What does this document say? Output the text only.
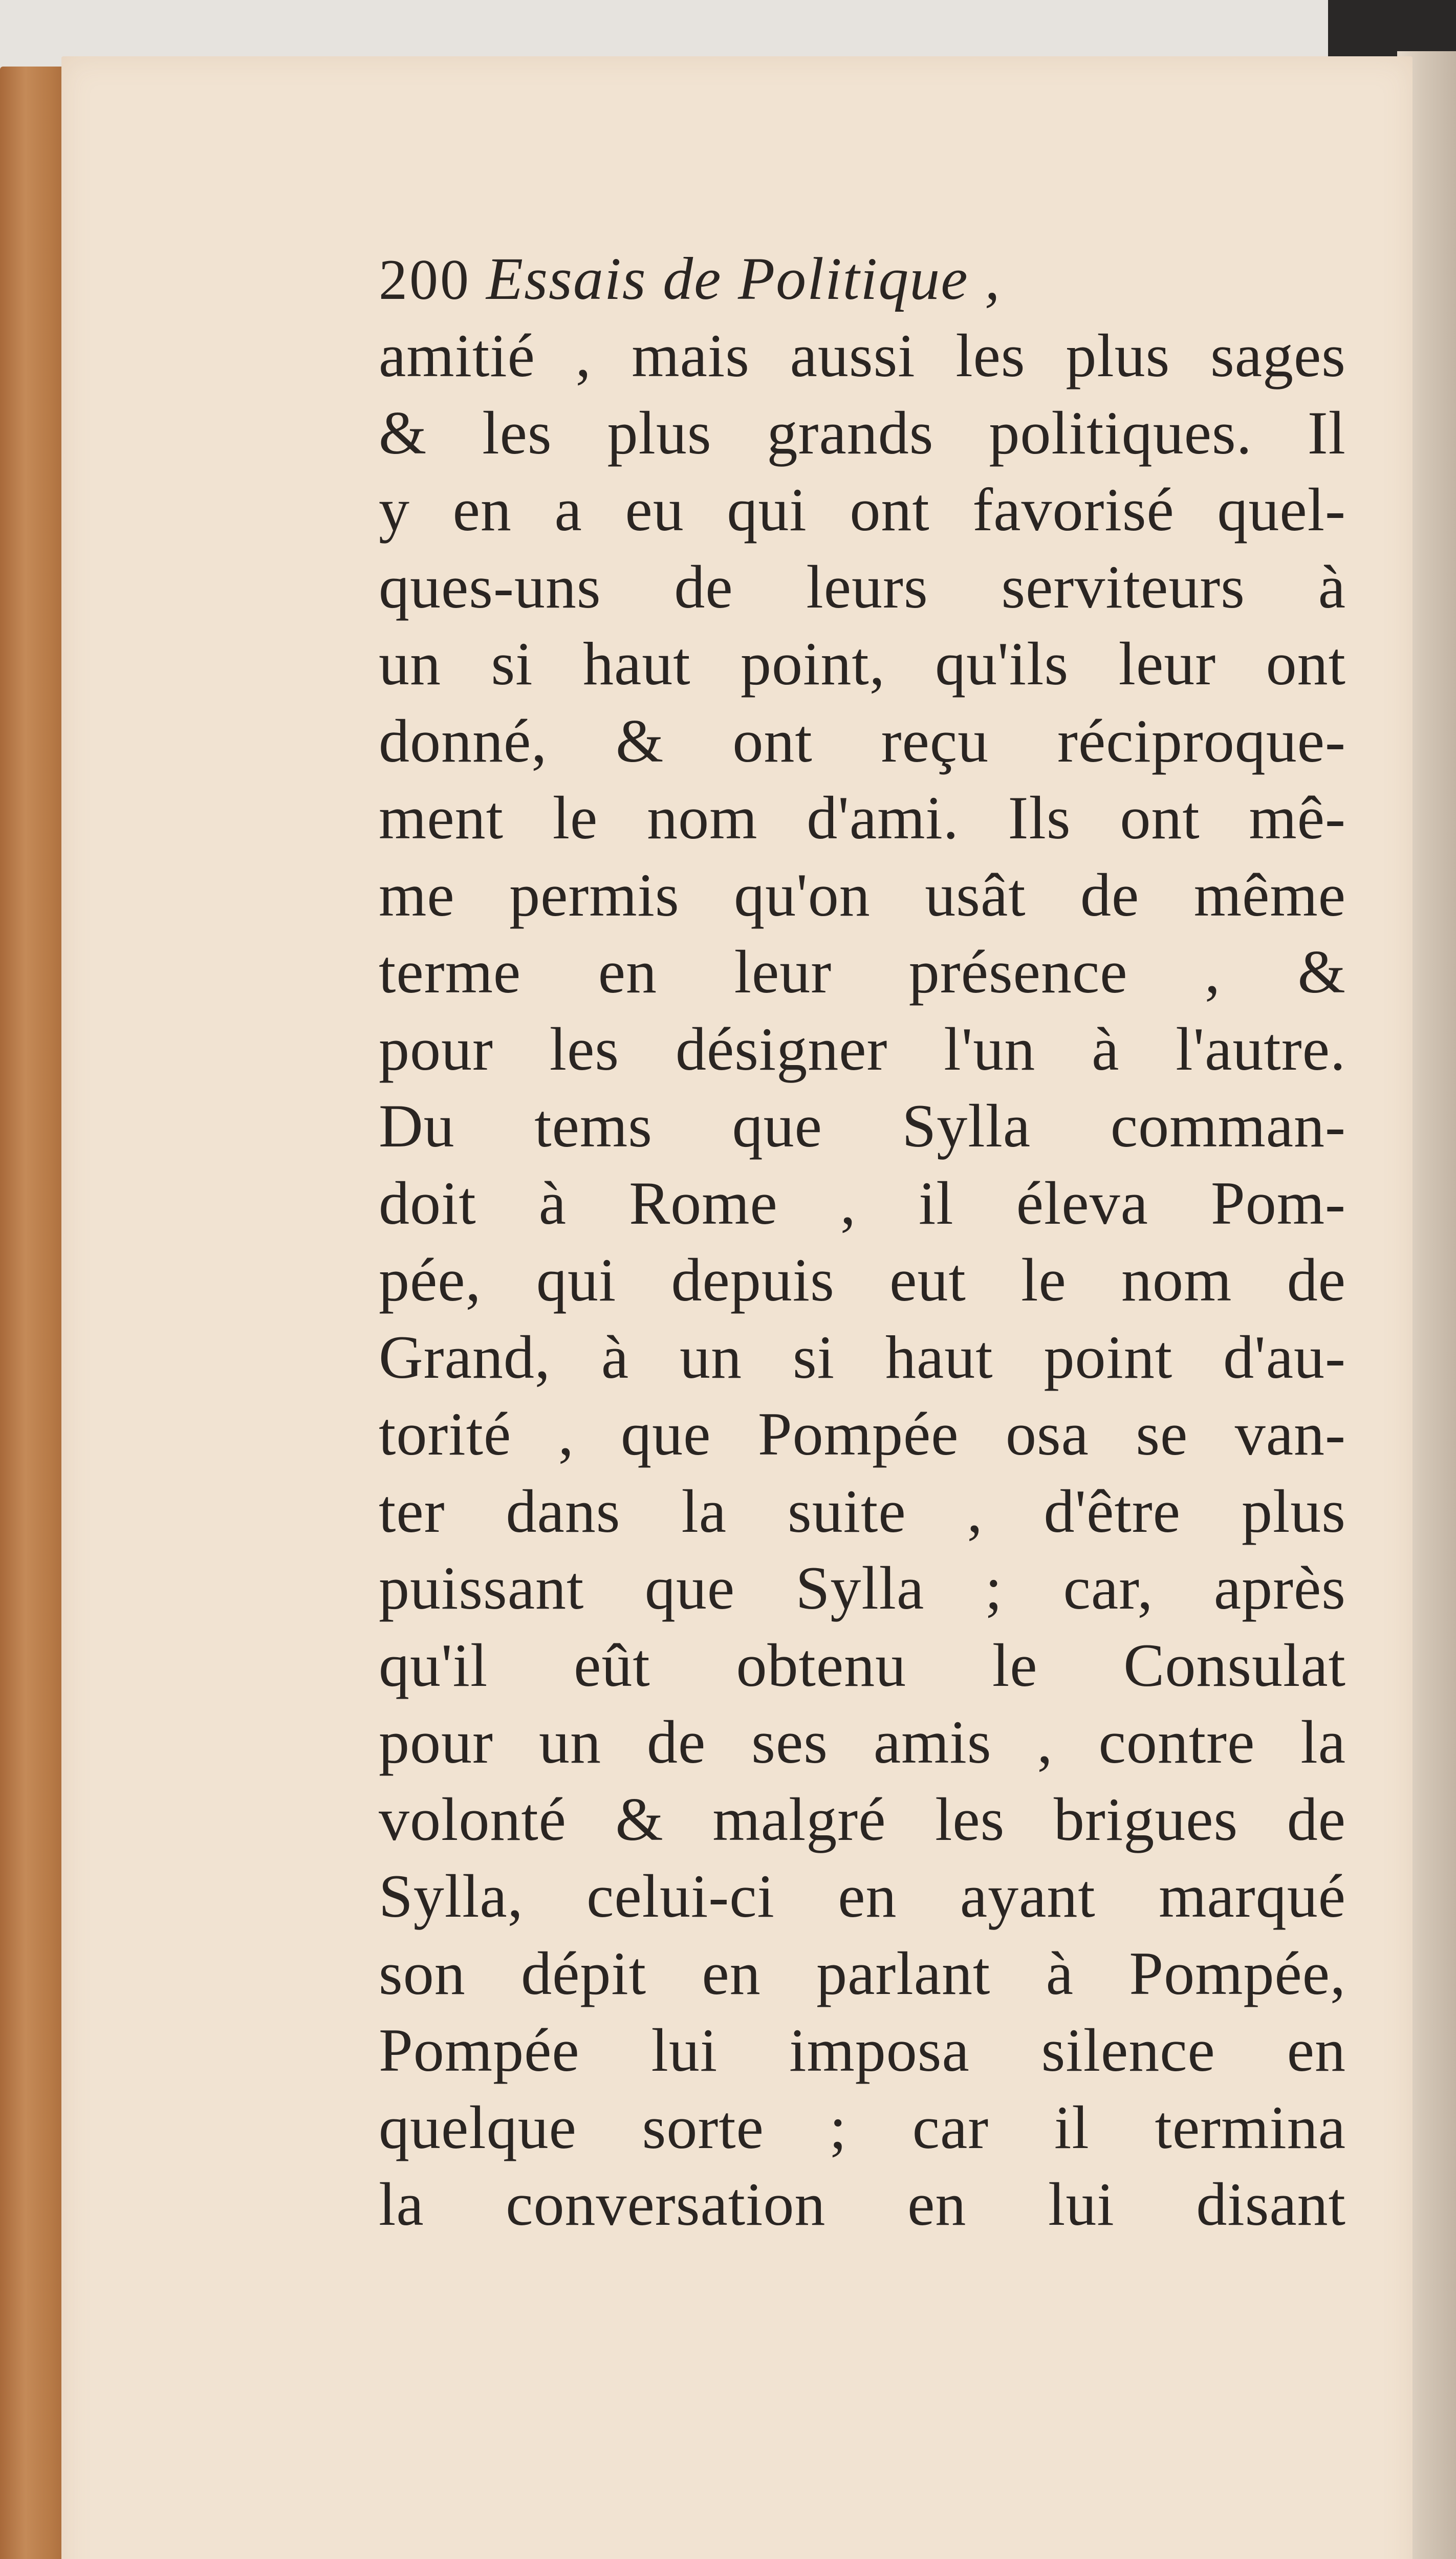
200 Essais de Politique ,
amitié , mais aussi les plus sages
& les plus grands politiques. Il
y en a eu qui ont favorisé quel-
ques-uns de leurs serviteurs à
un si haut point, qu'ils leur ont
donné, & ont reçu réciproque-
ment le nom d'ami. Ils ont mê-
me permis qu'on usât de même
terme en leur présence , &
pour les désigner l'un à l'autre.
Du tems que Sylla comman-
doit à Rome , il éleva Pom-
pée, qui depuis eut le nom de
Grand, à un si haut point d'au-
torité , que Pompée osa se van-
ter dans la suite , d'être plus
puissant que Sylla ; car, après
qu'il eût obtenu le Consulat
pour un de ses amis , contre la
volonté & malgré les brigues de
Sylla, celui-ci en ayant marqué
son dépit en parlant à Pompée,
Pompée lui imposa silence en
quelque sorte ; car il termina
la conversation en lui disant
